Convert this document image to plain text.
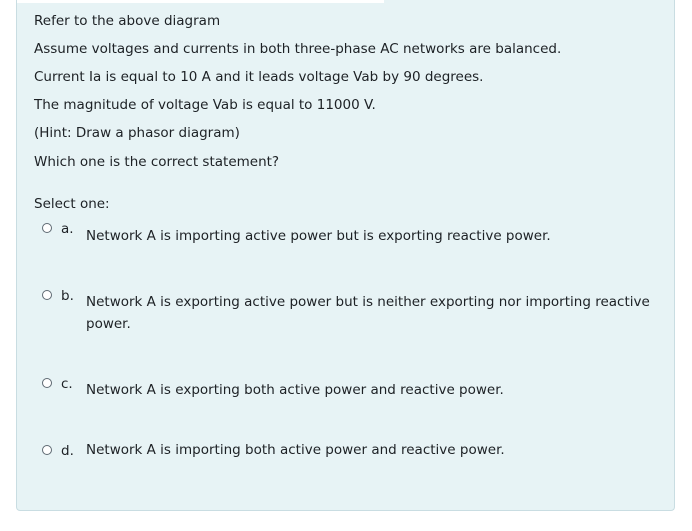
Refer to the above diagram
Assume voltages and currents in both three-phase AC networks are balanced.
Current Ia is equal to 10 A and it leads voltage Vab by 90 degrees.
The magnitude of voltage Vab is equal to 11000 V.
(Hint: Draw a phasor diagram)
Which one is the correct statement?
Select one:
a. Network A is importing active power but is exporting reactive power.
b. Network A is exporting active power but is neither exporting nor importing reactive power.
c. Network A is exporting both active power and reactive power.
d. Network A is importing both active power and reactive power.
